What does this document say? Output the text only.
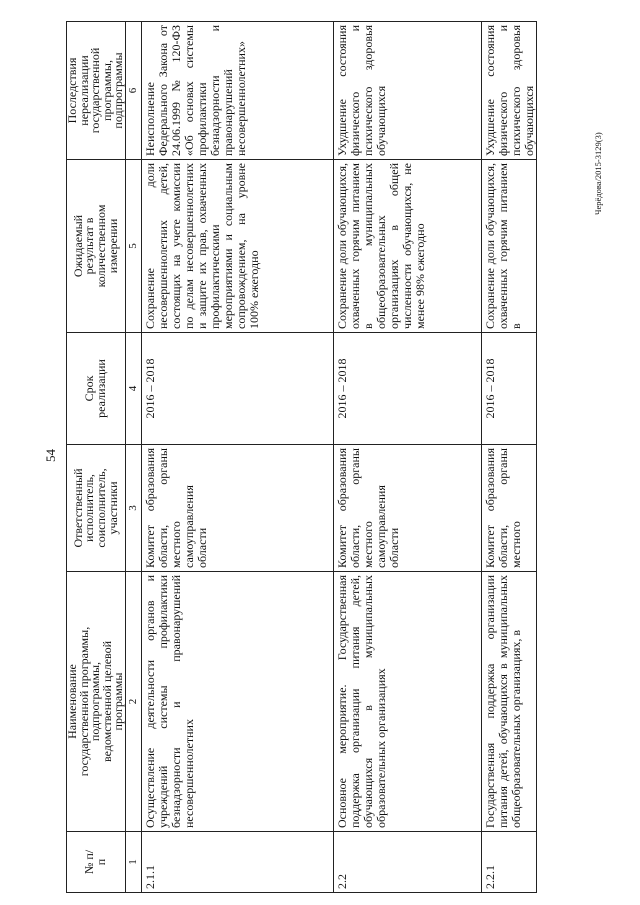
54
№ п/п	Наименование государственной программы, подпрограммы, ведомственной целевой программы	Ответственный исполнитель, соисполнитель, участники	Срок реализации	Ожидаемый результат в количественном измерении	Последствия нереализации государственной программы, подпрограммы

1	2	3	4	5	6

2.1.1	Осуществление деятельности органов и учреждений системы профилактики безнадзорности и правонарушений несовершеннолетних	Комитет образования области, органы местного самоуправления области	2016 – 2018	Сохранение доли несовершеннолетних детей, состоящих на учете комиссии по делам несовершеннолетних и защите их прав, охваченных профилактическими мероприятиями и социальным сопровождением, на уровне 100% ежегодно	Неисполнение Федерального Закона от 24.06.1999 № 120-ФЗ «Об основах системы профилактики безнадзорности и правонарушений несовершеннолетних»

2.2	Основное мероприятие. Государственная поддержка организации питания детей, обучающихся в муниципальных образовательных организациях	Комитет образования области, органы местного самоуправления области	2016 – 2018	Сохранение доли обучающихся, охваченных горячим питанием в муниципальных общеобразовательных организациях в общей численности обучающихся, не менее 98% ежегодно	Ухудшение состояния физического и психического здоровья обучающихся

2.2.1	Государственная поддержка организации питания детей, обучающихся в муниципальных общеобразовательных организациях, в	Комитет образования области, органы местного	2016 – 2018	Сохранение доли обучающихся, охваченных горячим питанием в	Ухудшение состояния физического и психического здоровья обучающихся
Черёдова/2015-3129(3)
